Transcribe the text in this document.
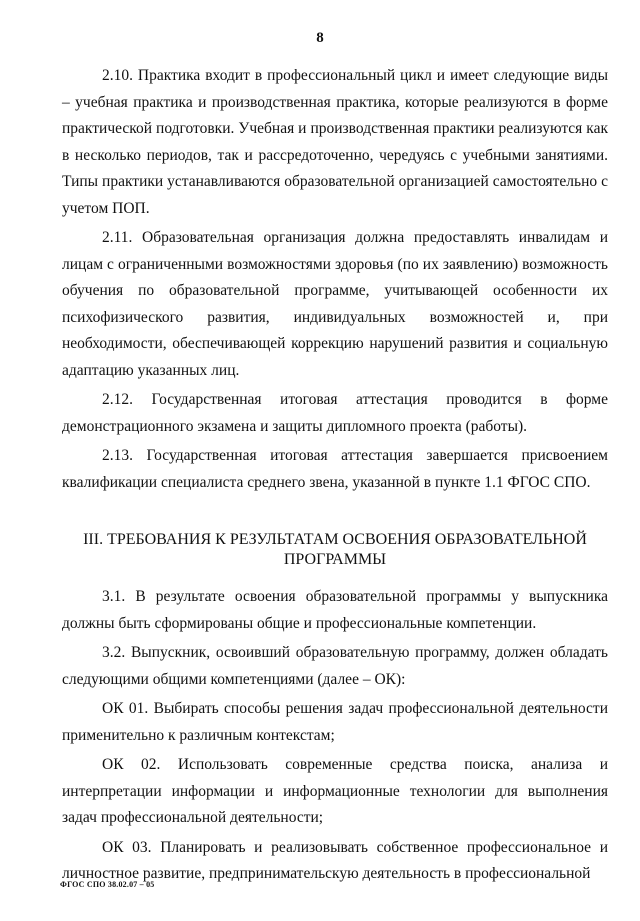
8

2.10. Практика входит в профессиональный цикл и имеет следующие виды – учебная практика и производственная практика, которые реализуются в форме практической подготовки. Учебная и производственная практики реализуются как в несколько периодов, так и рассредоточенно, чередуясь с учебными занятиями. Типы практики устанавливаются образовательной организацией самостоятельно с учетом ПОП.

2.11. Образовательная организация должна предоставлять инвалидам и лицам с ограниченными возможностями здоровья (по их заявлению) возможность обучения по образовательной программе, учитывающей особенности их психофизического развития, индивидуальных возможностей и, при необходимости, обеспечивающей коррекцию нарушений развития и социальную адаптацию указанных лиц.

2.12. Государственная итоговая аттестация проводится в форме демонстрационного экзамена и защиты дипломного проекта (работы).

2.13. Государственная итоговая аттестация завершается присвоением квалификации специалиста среднего звена, указанной в пункте 1.1 ФГОС СПО.

III. ТРЕБОВАНИЯ К РЕЗУЛЬТАТАМ ОСВОЕНИЯ ОБРАЗОВАТЕЛЬНОЙ
ПРОГРАММЫ

3.1. В результате освоения образовательной программы у выпускника должны быть сформированы общие и профессиональные компетенции.

3.2. Выпускник, освоивший образовательную программу, должен обладать следующими общими компетенциями (далее – ОК):

ОК 01. Выбирать способы решения задач профессиональной деятельности применительно к различным контекстам;

ОК 02. Использовать современные средства поиска, анализа и интерпретации информации и информационные технологии для выполнения задач профессиональной деятельности;

ОК 03. Планировать и реализовывать собственное профессиональное и личностное развитие, предпринимательскую деятельность в профессиональной

ФГОС СПО 38.02.07 – 05
